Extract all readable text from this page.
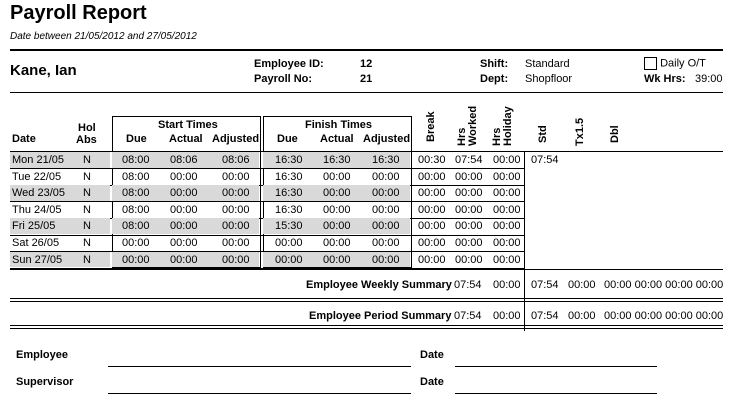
Payroll Report
Date between 21/05/2012 and 27/05/2012
Kane, Ian	Employee ID:	12
Payroll No:	21
Shift: Standard
Dept: Shopfloor
Daily O/T
Wk Hrs: 39:00
Date
Hol
Abs
Start Times	Finish Times
Due Actual Adjusted Due Actual Adjusted Break Hrs Worked Hrs Holiday Std Tx1.5 Dbl
Mon 21/05 N	08:00 08:06 08:06 16:30 16:30 16:30 00:30 07:54 00:00 07:54
Tue 22/05 N	08:00 00:00 00:00 16:30 00:00 00:00 00:00 00:00 00:00
Wed 23/05 N	08:00 00:00 00:00 16:30 00:00 00:00 00:00 00:00 00:00
Thu 24/05 N	08:00 00:00 00:00 16:30 00:00 00:00 00:00 00:00 00:00
Fri 25/05	N	08:00 00:00 00:00 15:30 00:00 00:00 00:00 00:00 00:00
Sat 26/05 N	00:00 00:00 00:00 00:00 00:00 00:00 00:00 00:00 00:00
Sun 27/05 N	00:00 00:00 00:00 00:00 00:00 00:00 00:00 00:00 00:00
Employee Weekly Summary 07:54 00:00 07:54 00:00 00:00 00:00 00:00 00:00
Employee Period Summary 07:54 00:00 07:54 00:00 00:00 00:00 00:00 00:00
Employee	Date
Supervisor	Date
